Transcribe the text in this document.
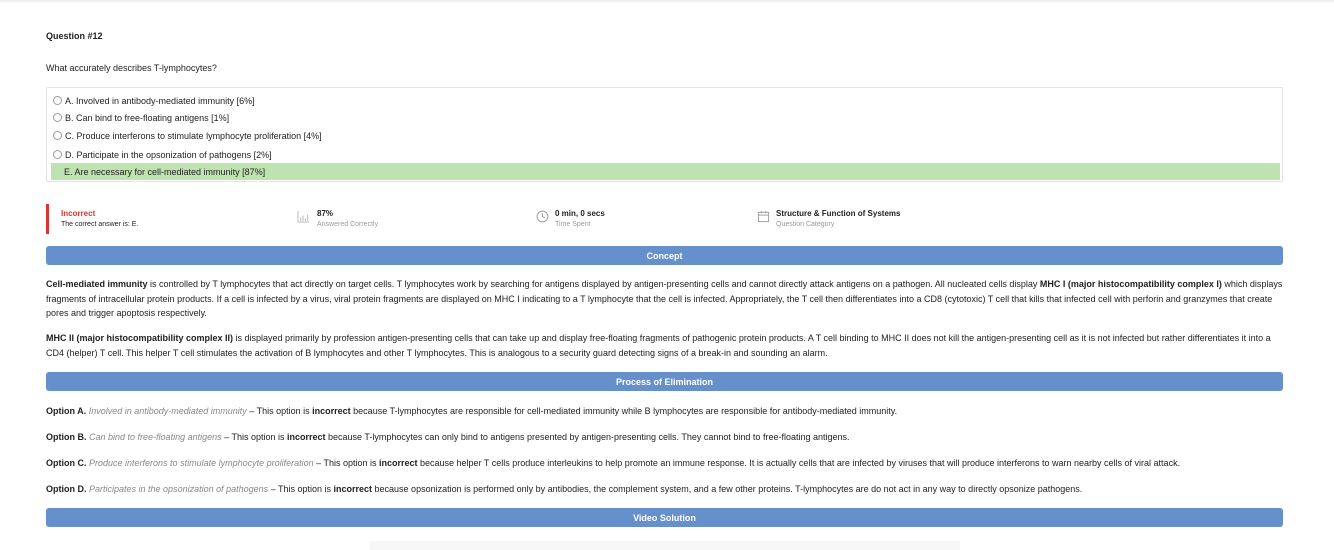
Question #12
What accurately describes T-lymphocytes?
A. Involved in antibody-mediated immunity [6%]
B. Can bind to free-floating antigens [1%]
C. Produce interferons to stimulate lymphocyte proliferation [4%]
D. Participate in the opsonization of pathogens [2%]
E. Are necessary for cell-mediated immunity [87%]
Incorrect
The correct answer is: E.
87%
Answered Correctly
0 min, 0 secs
Time Spent
Structure & Function of Systems
Question Category
Concept
Cell-mediated immunity is controlled by T lymphocytes that act directly on target cells. T lymphocytes work by searching for antigens displayed by antigen-presenting cells and cannot directly attack antigens on a pathogen. All nucleated cells display MHC I (major histocompatibility complex I) which displays fragments of intracellular protein products. If a cell is infected by a virus, viral protein fragments are displayed on MHC I indicating to a T lymphocyte that the cell is infected. Appropriately, the T cell then differentiates into a CD8 (cytotoxic) T cell that kills that infected cell with perforin and granzymes that create pores and trigger apoptosis respectively.
MHC II (major histocompatibility complex II) is displayed primarily by profession antigen-presenting cells that can take up and display free-floating fragments of pathogenic protein products. A T cell binding to MHC II does not kill the antigen-presenting cell as it is not infected but rather differentiates it into a CD4 (helper) T cell. This helper T cell stimulates the activation of B lymphocytes and other T lymphocytes. This is analogous to a security guard detecting signs of a break-in and sounding an alarm.
Process of Elimination
Option A. Involved in antibody-mediated immunity – This option is incorrect because T-lymphocytes are responsible for cell-mediated immunity while B lymphocytes are responsible for antibody-mediated immunity.
Option B. Can bind to free-floating antigens – This option is incorrect because T-lymphocytes can only bind to antigens presented by antigen-presenting cells. They cannot bind to free-floating antigens.
Option C. Produce interferons to stimulate lymphocyte proliferation – This option is incorrect because helper T cells produce interleukins to help promote an immune response. It is actually cells that are infected by viruses that will produce interferons to warn nearby cells of viral attack.
Option D. Participates in the opsonization of pathogens – This option is incorrect because opsonization is performed only by antibodies, the complement system, and a few other proteins. T-lymphocytes are do not act in any way to directly opsonize pathogens.
Video Solution
